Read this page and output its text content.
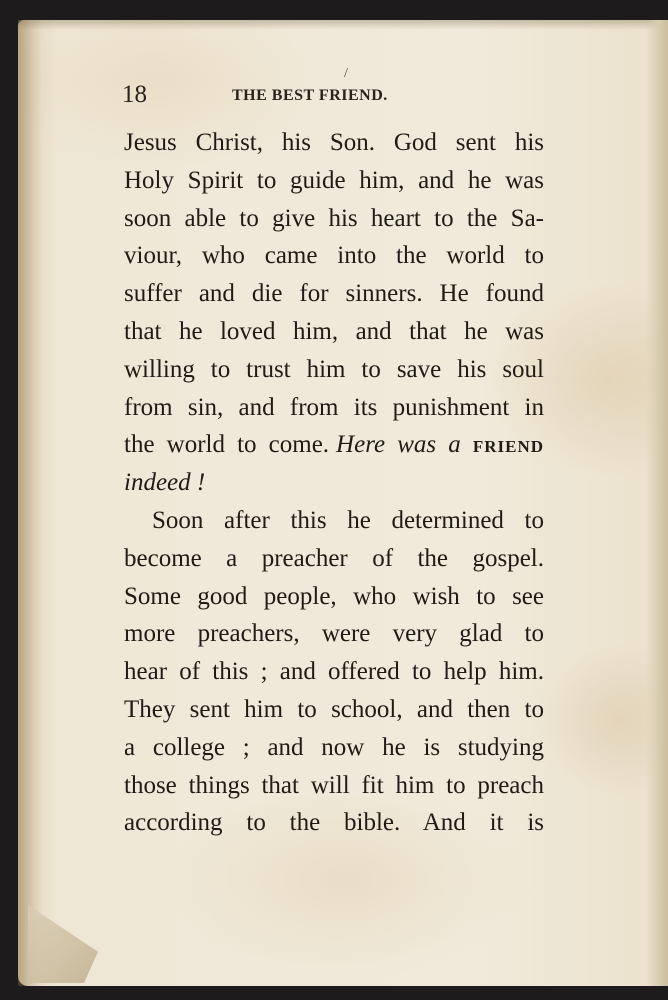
18	THE BEST FRIEND.
/
Jesus Christ, his Son. God sent his
Holy Spirit to guide him, and he was
soon able to give his heart to the Sa-
viour, who came into the world to
suffer and die for sinners. He found
that he loved him, and that he was
willing to trust him to save his soul
from sin, and from its punishment in
the world to come. Here was a FRIEND
indeed !
Soon after this he determined to
become a preacher of the gospel.
Some good people, who wish to see
more preachers, were very glad to
hear of this ; and offered to help him.
They sent him to school, and then to
a college ; and now he is studying
those things that will fit him to preach
according to the bible. And it is
